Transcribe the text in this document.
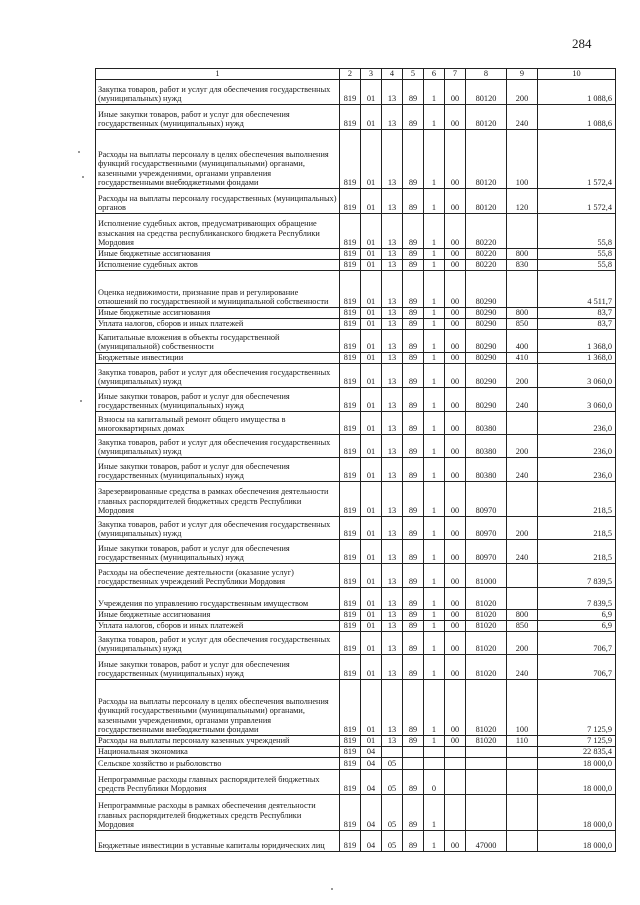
284
1	2	3	4	5	6	7	8	9	10
Закупка товаров, работ и услуг для обеспечения государственных (муниципальных) нужд	819	01	13	89	1	00	80120	200	1 088,6
Иные закупки товаров, работ и услуг для обеспечения государственных (муниципальных) нужд	819	01	13	89	1	00	80120	240	1 088,6
Расходы на выплаты персоналу в целях обеспечения выполнения функций государственными (муниципальными) органами, казенными учреждениями, органами управления государственными внебюджетными фондами	819	01	13	89	1	00	80120	100	1 572,4
Расходы на выплаты персоналу государственных (муниципальных) органов	819	01	13	89	1	00	80120	120	1 572,4
Исполнение судебных актов, предусматривающих обращение взыскания на средства республиканского бюджета Республики Мордовия	819	01	13	89	1	00	80220		55,8
Иные бюджетные ассигнования	819	01	13	89	1	00	80220	800	55,8
Исполнение судебных актов	819	01	13	89	1	00	80220	830	55,8
Оценка недвижимости, признание прав и регулирование отношений по государственной и муниципальной собственности	819	01	13	89	1	00	80290		4 511,7
Иные бюджетные ассигнования	819	01	13	89	1	00	80290	800	83,7
Уплата налогов, сборов и иных платежей	819	01	13	89	1	00	80290	850	83,7
Капитальные вложения в объекты государственной (муниципальной) собственности	819	01	13	89	1	00	80290	400	1 368,0
Бюджетные инвестиции	819	01	13	89	1	00	80290	410	1 368,0
Закупка товаров, работ и услуг для обеспечения государственных (муниципальных) нужд	819	01	13	89	1	00	80290	200	3 060,0
Иные закупки товаров, работ и услуг для обеспечения государственных (муниципальных) нужд	819	01	13	89	1	00	80290	240	3 060,0
Взносы на капитальный ремонт общего имущества в многоквартирных домах	819	01	13	89	1	00	80380		236,0
Закупка товаров, работ и услуг для обеспечения государственных (муниципальных) нужд	819	01	13	89	1	00	80380	200	236,0
Иные закупки товаров, работ и услуг для обеспечения государственных (муниципальных) нужд	819	01	13	89	1	00	80380	240	236,0
Зарезервированные средства в рамках обеспечения деятельности главных распорядителей бюджетных средств Республики Мордовия	819	01	13	89	1	00	80970		218,5
Закупка товаров, работ и услуг для обеспечения государственных (муниципальных) нужд	819	01	13	89	1	00	80970	200	218,5
Иные закупки товаров, работ и услуг для обеспечения государственных (муниципальных) нужд	819	01	13	89	1	00	80970	240	218,5
Расходы на обеспечение деятельности (оказание услуг) государственных учреждений Республики Мордовия	819	01	13	89	1	00	81000		7 839,5
Учреждения по управлению государственным имуществом	819	01	13	89	1	00	81020		7 839,5
Иные бюджетные ассигнования	819	01	13	89	1	00	81020	800	6,9
Уплата налогов, сборов и иных платежей	819	01	13	89	1	00	81020	850	6,9
Закупка товаров, работ и услуг для обеспечения государственных (муниципальных) нужд	819	01	13	89	1	00	81020	200	706,7
Иные закупки товаров, работ и услуг для обеспечения государственных (муниципальных) нужд	819	01	13	89	1	00	81020	240	706,7
Расходы на выплаты персоналу в целях обеспечения выполнения функций государственными (муниципальными) органами, казенными учреждениями, органами управления государственными внебюджетными фондами	819	01	13	89	1	00	81020	100	7 125,9
Расходы на выплаты персоналу казенных учреждений	819	01	13	89	1	00	81020	110	7 125,9
Национальная экономика	819	04							22 835,4
Сельское хозяйство и рыболовство	819	04	05						18 000,0
Непрограммные расходы главных распорядителей бюджетных средств Республики Мордовия	819	04	05	89	0				18 000,0
Непрограммные расходы в рамках обеспечения деятельности главных распорядителей бюджетных средств Республики Мордовия	819	04	05	89	1				18 000,0
Бюджетные инвестиции в уставные капиталы юридических лиц	819	04	05	89	1	00	47000		18 000,0
